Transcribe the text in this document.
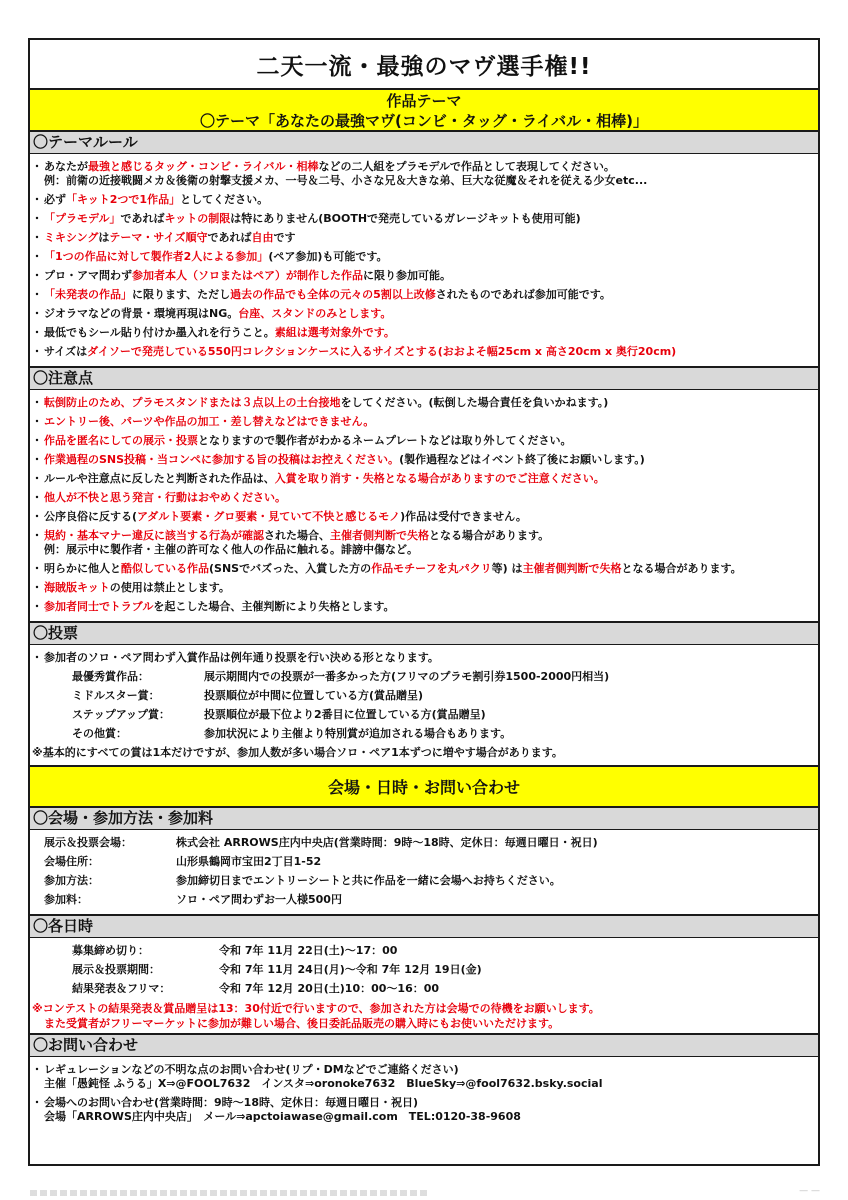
二天一流・最強のマヴ選手権!!
作品テーマ
〇テーマ「あなたの最強マヴ(コンビ・タッグ・ライバル・相棒)」
〇テーマルール
・ あなたが最強と感じるタッグ・コンビ・ライバル・相棒などの二人組をプラモデルで作品として表現してください。
例：前衛の近接戦闘メカ＆後衛の射撃支援メカ、一号＆二号、小さな兄＆大きな弟、巨大な従魔＆それを従える少女etc...
・ 必ず「キット2つで1作品」としてください。
・ 「プラモデル」であればキットの制限は特にありません(BOOTHで発売しているガレージキットも使用可能)
・ ミキシングはテーマ・サイズ順守であれば自由です
・ 「1つの作品に対して製作者2人による参加」(ペア参加)も可能です。
・ プロ・アマ問わず参加者本人（ソロまたはペア）が制作した作品に限り参加可能。
・ 「未発表の作品」に限ります、ただし過去の作品でも全体の元々の5割以上改修されたものであれば参加可能です。
・ ジオラマなどの背景・環境再現はNG。台座、スタンドのみとします。
・ 最低でもシール貼り付けか墨入れを行うこと。素組は選考対象外です。
・ サイズはダイソーで発売している550円コレクションケースに入るサイズとする(おおよそ幅25cm x 高さ20cm x 奥行20cm)
〇注意点
・ 転倒防止のため、プラモスタンドまたは３点以上の土台接地をしてください。(転倒した場合責任を負いかねます。)
・ エントリー後、パーツや作品の加工・差し替えなどはできません。
・ 作品を匿名にしての展示・投票となりますので製作者がわかるネームプレートなどは取り外してください。
・ 作業過程のSNS投稿・当コンペに参加する旨の投稿はお控えください。(製作過程などはイベント終了後にお願いします。)
・ ルールや注意点に反したと判断された作品は、入賞を取り消す・失格となる場合がありますのでご注意ください。
・ 他人が不快と思う発言・行動はおやめください。
・ 公序良俗に反する(アダルト要素・グロ要素・見ていて不快と感じるモノ)作品は受付できません。
・ 規約・基本マナー違反に該当する行為が確認された場合、主催者側判断で失格となる場合があります。
例：展示中に製作者・主催の許可なく他人の作品に触れる。誹謗中傷など。
・ 明らかに他人と酷似している作品(SNSでバズった、入賞した方の作品モチーフを丸パクリ等) は主催者側判断で失格となる場合があります。
・ 海賊版キットの使用は禁止とします。
・ 参加者同士でトラブルを起こした場合、主催判断により失格とします。
〇投票
・ 参加者のソロ・ペア問わず入賞作品は例年通り投票を行い決める形となります。
最優秀賞作品：	展示期間内での投票が一番多かった方(フリマのプラモ割引券1500-2000円相当)
ミドルスター賞：	投票順位が中間に位置している方(賞品贈呈)
ステップアップ賞：	投票順位が最下位より2番目に位置している方(賞品贈呈)
その他賞：	参加状況により主催より特別賞が追加される場合もあります。
※基本的にすべての賞は1本だけですが、参加人数が多い場合ソロ・ペア1本ずつに増やす場合があります。
会場・日時・お問い合わせ
〇会場・参加方法・参加料
展示＆投票会場：	株式会社 ARROWS庄内中央店(営業時間：9時～18時、定休日：毎週日曜日・祝日)
会場住所：	山形県鶴岡市宝田2丁目1-52
参加方法：	参加締切日までエントリーシートと共に作品を一緒に会場へお持ちください。
参加料：	ソロ・ペア問わずお一人様500円
〇各日時
募集締め切り：	令和 7年 11月 22日(土)～17：00
展示＆投票期間：	令和 7年 11月 24日(月)～令和 7年 12月 19日(金)
結果発表＆フリマ：	令和 7年 12月 20日(土)10：00～16：00
※コンテストの結果発表＆賞品贈呈は13：30付近で行いますので、参加された方は会場での待機をお願いします。
また受賞者がフリーマーケットに参加が難しい場合、後日委託品販売の購入時にもお使いいただけます。
〇お問い合わせ
・ レギュレーションなどの不明な点のお問い合わせ(リプ・DMなどでご連絡ください)
主催「愚鈍怪 ふうる」X⇒@FOOL7632　インスタ⇒oronoke7632　BlueSky⇒@fool7632.bsky.social
・ 会場へのお問い合わせ(営業時間：9時～18時、定休日：毎週日曜日・祝日)
会場「ARROWS庄内中央店」　メール⇒apctoiawase@gmail.com　TEL:0120-38-9608
— —
